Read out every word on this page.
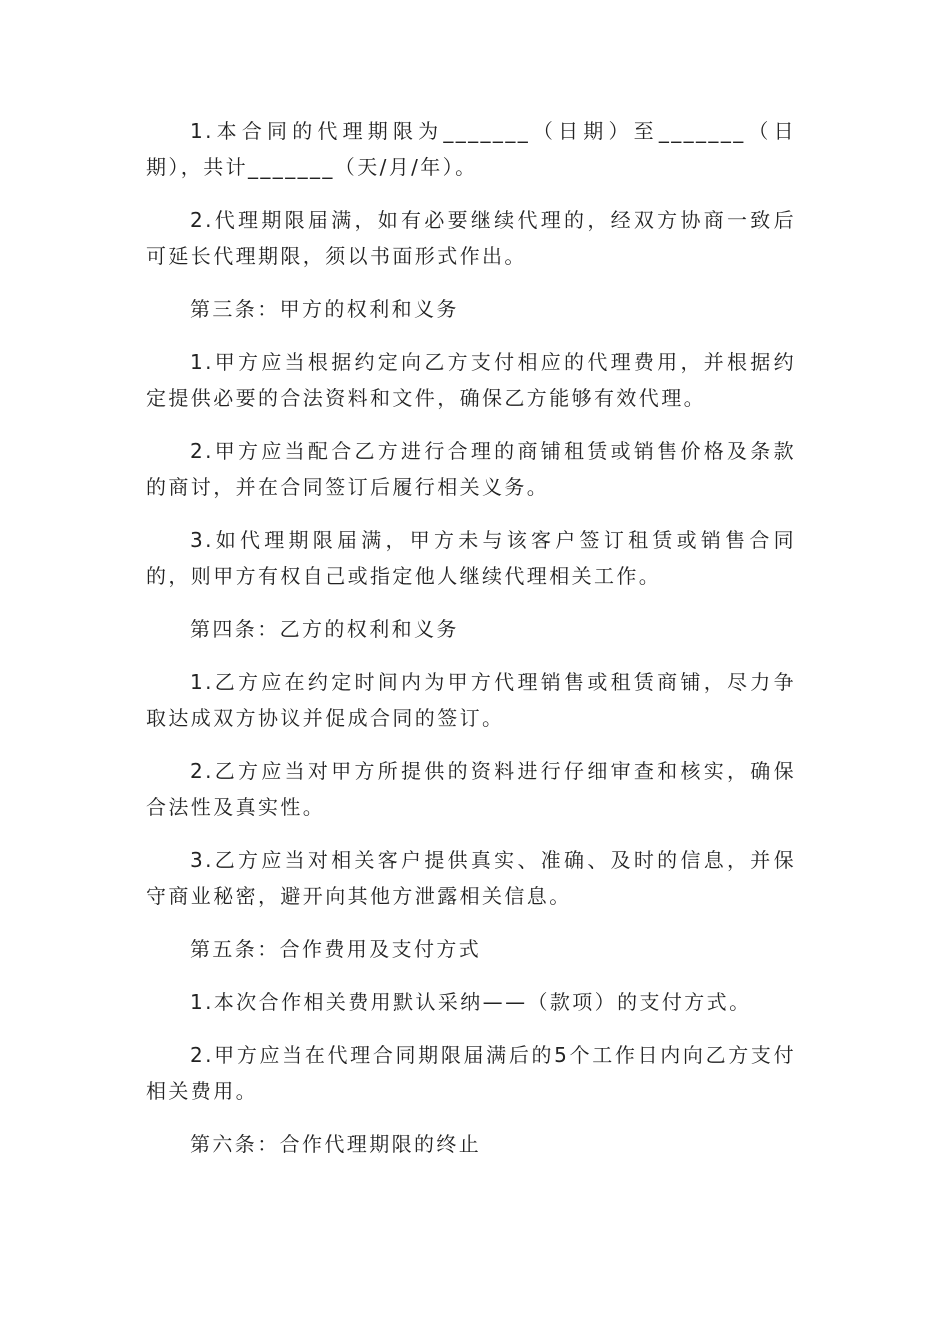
1.本合同的代理期限为_______（日期）至_______（日期），共计_______（天/月/年）。

2.代理期限届满，如有必要继续代理的，经双方协商一致后可延长代理期限，须以书面形式作出。

第三条：甲方的权利和义务

1.甲方应当根据约定向乙方支付相应的代理费用，并根据约定提供必要的合法资料和文件，确保乙方能够有效代理。

2.甲方应当配合乙方进行合理的商铺租赁或销售价格及条款的商讨，并在合同签订后履行相关义务。

3.如代理期限届满，甲方未与该客户签订租赁或销售合同的，则甲方有权自己或指定他人继续代理相关工作。

第四条：乙方的权利和义务

1.乙方应在约定时间内为甲方代理销售或租赁商铺，尽力争取达成双方协议并促成合同的签订。

2.乙方应当对甲方所提供的资料进行仔细审查和核实，确保合法性及真实性。

3.乙方应当对相关客户提供真实、准确、及时的信息，并保守商业秘密，避开向其他方泄露相关信息。

第五条：合作费用及支付方式

1.本次合作相关费用默认采纳——（款项）的支付方式。

2.甲方应当在代理合同期限届满后的5个工作日内向乙方支付相关费用。

第六条：合作代理期限的终止
